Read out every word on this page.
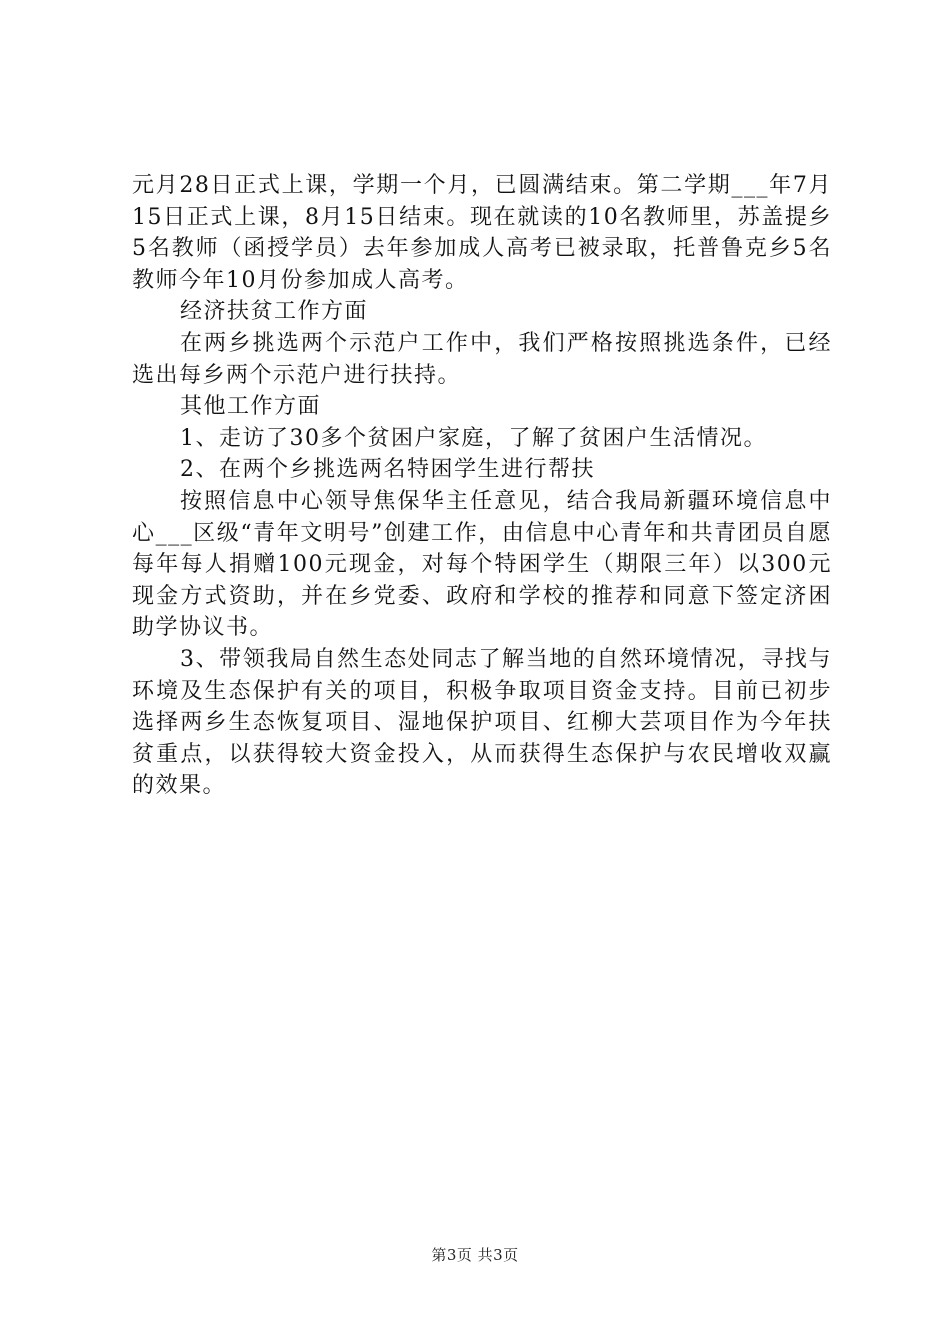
元月28日正式上课，学期一个月，已圆满结束。第二学期___年7月15日正式上课，8月15日结束。现在就读的10名教师里，苏盖提乡5名教师（函授学员）去年参加成人高考已被录取，托普鲁克乡5名教师今年10月份参加成人高考。

经济扶贫工作方面

在两乡挑选两个示范户工作中，我们严格按照挑选条件，已经选出每乡两个示范户进行扶持。

其他工作方面

1、走访了30多个贫困户家庭，了解了贫困户生活情况。

2、在两个乡挑选两名特困学生进行帮扶

按照信息中心领导焦保华主任意见，结合我局新疆环境信息中心___区级“青年文明号”创建工作，由信息中心青年和共青团员自愿每年每人捐赠100元现金，对每个特困学生（期限三年）以300元现金方式资助，并在乡党委、政府和学校的推荐和同意下签定济困助学协议书。

3、带领我局自然生态处同志了解当地的自然环境情况，寻找与环境及生态保护有关的项目，积极争取项目资金支持。目前已初步选择两乡生态恢复项目、湿地保护项目、红柳大芸项目作为今年扶贫重点，以获得较大资金投入，从而获得生态保护与农民增收双赢的效果。

第3页 共3页
